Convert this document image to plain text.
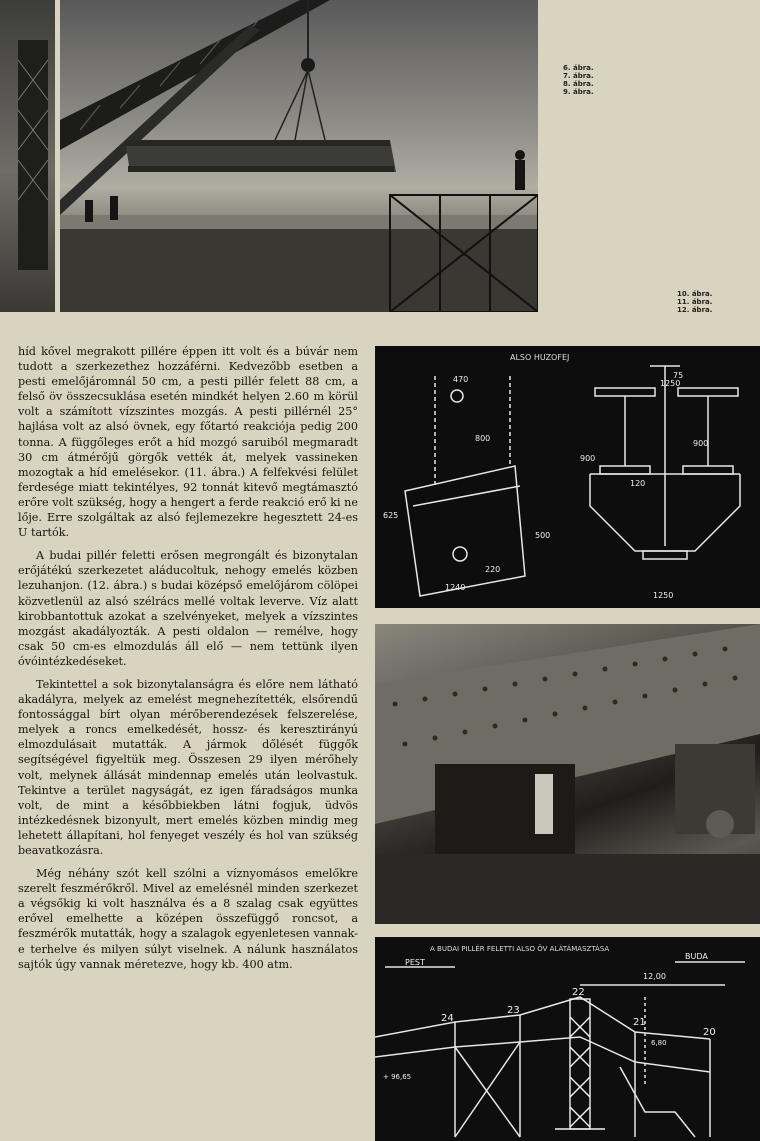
6. ábra.
7. ábra.
8. ábra.
9. ábra.
10. ábra.
11. ábra.
12. ábra.

híd kővel megrakott pillére éppen itt volt és a búvár nem tudott a szerkezethez hozzáférni. Kedvezőbb esetben a pesti emelőjáromnál 50 cm, a pesti pillér felett 88 cm, a felső öv összecsuklása esetén mindkét helyen 2.60 m körül volt a számított vízszintes mozgás. A pesti pillérnél 25° hajlása volt az alsó övnek, egy főtartó reakciója pedig 200 tonna. A függőleges erőt a híd mozgó saruiból megmaradt 30 cm átmérőjű görgők vették át, melyek vassineken mozogtak a híd emelésekor. (11. ábra.) A felfekvési felület ferdesége miatt tekintélyes, 92 tonnát kitevő megtámasztó erőre volt szükség, hogy a hengert a ferde reakció erő ki ne lője. Erre szolgáltak az alsó fejlemezekre hegesztett 24-es U tartók.

A budai pillér feletti erősen megrongált és bizonytalan erőjátékú szerkezetet aláducoltuk, nehogy emelés közben lezuhanjon. (12. ábra.) s budai középső emelőjárom cölöpei közvetlenül az alsó szélrács mellé voltak leverve. Víz alatt kirobbantottuk azokat a szelvényeket, melyek a vízszintes mozgást akadályozták. A pesti oldalon — remélve, hogy csak 50 cm-es elmozdulás áll elő — nem tettünk ilyen óvóintézkedéseket.

Tekintettel a sok bizonytalanságra és előre nem látható akadályra, melyek az emelést megnehezítették, elsőrendű fontossággal bírt olyan mérőberendezések felszerelése, melyek a roncs emelkedését, hossz- és keresztirányú elmozdulásait mutatták. A jármok dőlését függők segítségével figyeltük meg. Összesen 29 ilyen mérőhely volt, melynek állását mindennap emelés után leolvastuk. Tekintve a terület nagyságát, ez igen fáradságos munka volt, de mint a későbbiekben látni fogjuk, üdvös intézkedésnek bizonyult, mert emelés közben mindig meg lehetett állapítani, hol fenyeget veszély és hol van szükség beavatkozásra.

Még néhány szót kell szólni a víznyomásos emelőkre szerelt feszmérőkről. Mivel az emelésnél minden szerkezet a végsőkig ki volt használva és a 8 szalag csak együttes erővel emelhette a középen összefüggő roncsot, a feszmérők mutatták, hogy a szalagok egyenletesen vannak-e terhelve és milyen súlyt viselnek. A nálunk használatos sajtók úgy vannak méretezve, hogy kb. 400 atm.

ALSO HUZOFEJ
470
800
625
1240
220
500
75
1250
900
900
120
1250
A BUDAI PILLÉR FELETTI ALSO ÖV ALÁTÁMASZTÁSA
PEST
BUDA
12,00
24
23
22
21
20
6,80
+ 96,65
